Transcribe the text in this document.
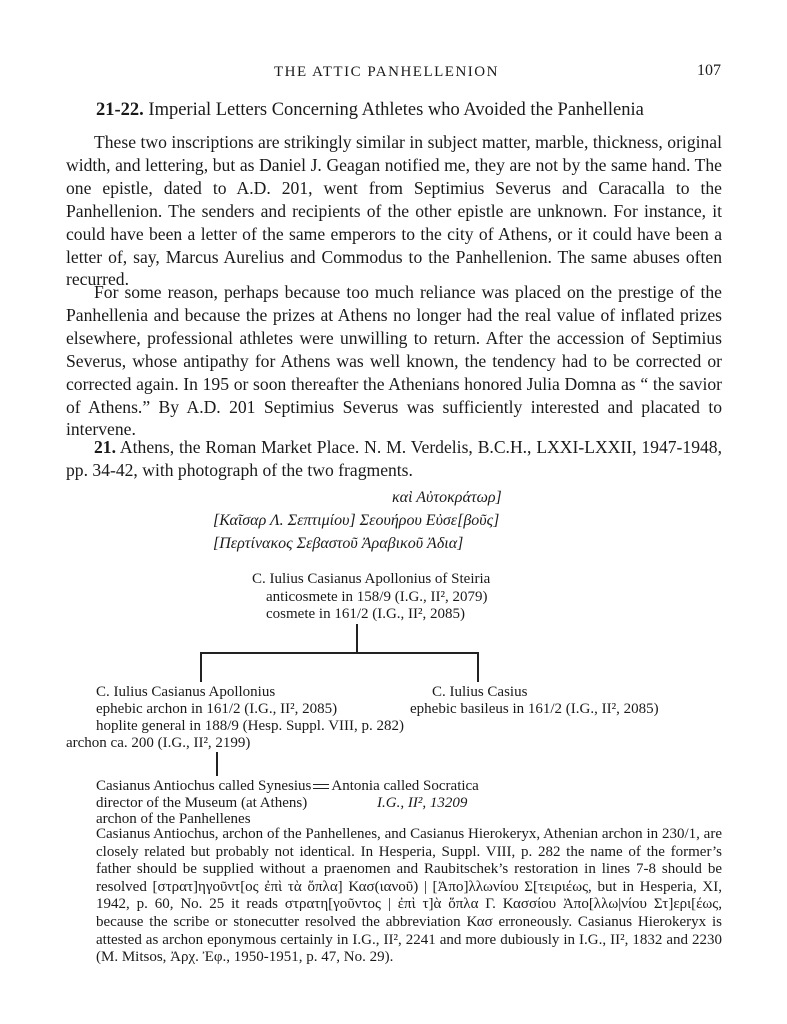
THE ATTIC PANHELLENION	107
21-22. Imperial Letters Concerning Athletes who Avoided the Panhellenia

These two inscriptions are strikingly similar in subject matter, marble, thickness, original width, and lettering, but as Daniel J. Geagan notified me, they are not by the same hand. The one epistle, dated to A.D. 201, went from Septimius Severus and Caracalla to the Panhellenion. The senders and recipients of the other epistle are unknown. For instance, it could have been a letter of the same emperors to the city of Athens, or it could have been a letter of, say, Marcus Aurelius and Commodus to the Panhellenion. The same abuses often recurred.

For some reason, perhaps because too much reliance was placed on the prestige of the Panhellenia and because the prizes at Athens no longer had the real value of inflated prizes elsewhere, professional athletes were unwilling to return. After the accession of Septimius Severus, whose antipathy for Athens was well known, the tendency had to be corrected or corrected again. In 195 or soon thereafter the Athenians honored Julia Domna as “ the savior of Athens.” By A.D. 201 Septimius Severus was sufficiently interested and placated to intervene.

21. Athens, the Roman Market Place. N. M. Verdelis, B.C.H., LXXI-LXXII, 1947-1948, pp. 34-42, with photograph of the two fragments.

καὶ Αὐτοκράτωρ]
[Καῖσαρ Λ. Σεπτιμίου] Σεουήρου Εὐσε[βοῦς]
[Περτίνακος Σεβαστοῦ Ἀραβικοῦ Ἀδια]
C. Iulius Casianus Apollonius of Steiria
anticosmete in 158/9 (I.G., II², 2079)
cosmete in 161/2 (I.G., II², 2085)
C. Iulius Casianus Apollonius
ephebic archon in 161/2 (I.G., II², 2085)
hoplite general in 188/9 (Hesp. Suppl. VIII, p. 282)
archon ca. 200 (I.G., II², 2199)
C. Iulius Casius
ephebic basileus in 161/2 (I.G., II², 2085)
Casianus Antiochus called Synesius Antonia called Socratica
director of the Museum (at Athens)	I.G., II², 13209
archon of the Panhellenes

Casianus Antiochus, archon of the Panhellenes, and Casianus Hierokeryx, Athenian archon in 230/1, are closely related but probably not identical. In Hesperia, Suppl. VIII, p. 282 the name of the former’s father should be supplied without a praenomen and Raubitschek’s restoration in lines 7-8 should be resolved [στρατ]ηγοῦντ[ος ἐπὶ τὰ ὅπλα] Κασ(ιανοῦ) | [Ἀπο]λλωνίου Σ[τειριέως, but in Hesperia, XI, 1942, p. 60, No. 25 it reads στρατη[γοῦντος | ἐπὶ τ]ὰ ὅπλα Γ. Κασσίου Ἀπο[λλω|νίου Στ]ερι[έως, because the scribe or stonecutter resolved the abbreviation Κασ erroneously. Casianus Hierokeryx is attested as archon eponymous certainly in I.G., II², 2241 and more dubiously in I.G., II², 1832 and 2230 (M. Mitsos, Ἀρχ. Ἐφ., 1950-1951, p. 47, No. 29).
